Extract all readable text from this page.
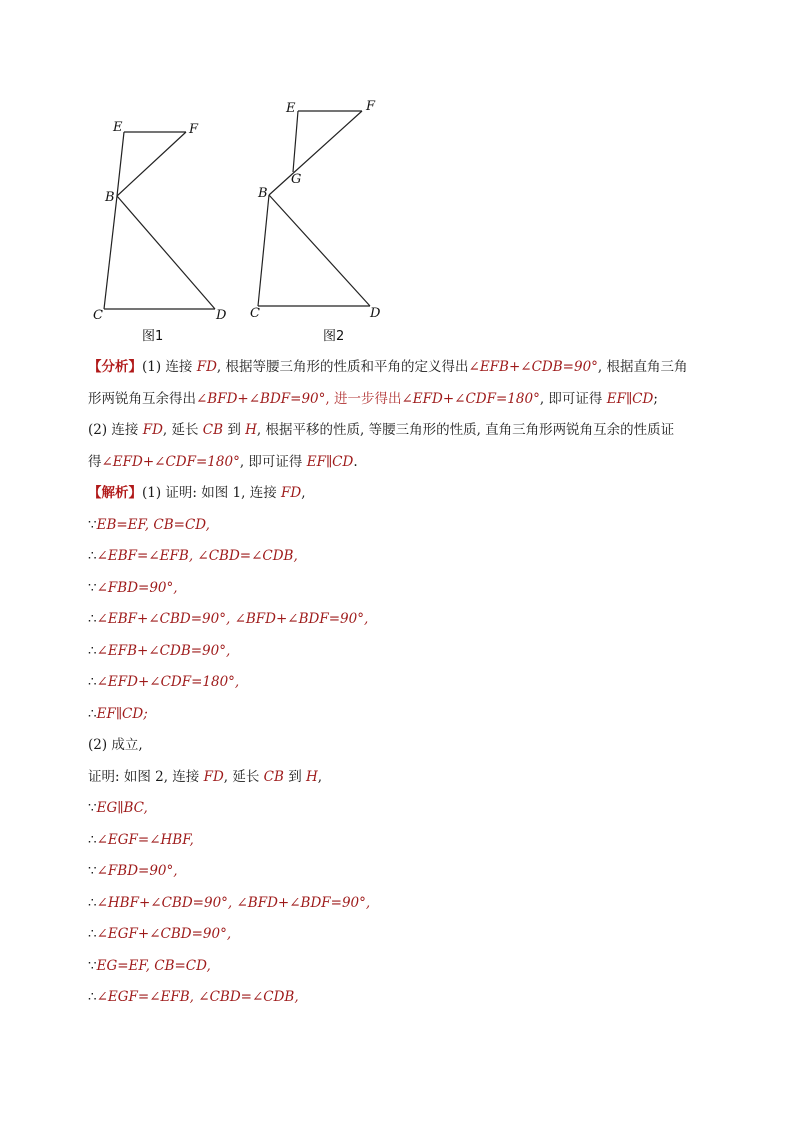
E	F
B
C	D
图1
E	F
G
B
C	D
图2
【分析】(1) 连接 FD, 根据等腰三角形的性质和平角的定义得出∠EFB+∠CDB=90°, 根据直角三角
形两锐角互余得出∠BFD+∠BDF=90°, 进一步得出∠EFD+∠CDF=180°, 即可证得 EF∥CD;
(2) 连接 FD, 延长 CB 到 H, 根据平移的性质, 等腰三角形的性质, 直角三角形两锐角互余的性质证
得∠EFD+∠CDF=180°, 即可证得 EF∥CD.
【解析】(1) 证明: 如图 1, 连接 FD,
∵EB=EF, CB=CD,
∴∠EBF=∠EFB, ∠CBD=∠CDB,
∵∠FBD=90°,
∴∠EBF+∠CBD=90°, ∠BFD+∠BDF=90°,
∴∠EFB+∠CDB=90°,
∴∠EFD+∠CDF=180°,
∴EF∥CD;
(2) 成立,
证明: 如图 2, 连接 FD, 延长 CB 到 H,
∵EG∥BC,
∴∠EGF=∠HBF,
∵∠FBD=90°,
∴∠HBF+∠CBD=90°, ∠BFD+∠BDF=90°,
∴∠EGF+∠CBD=90°,
∵EG=EF, CB=CD,
∴∠EGF=∠EFB, ∠CBD=∠CDB,
